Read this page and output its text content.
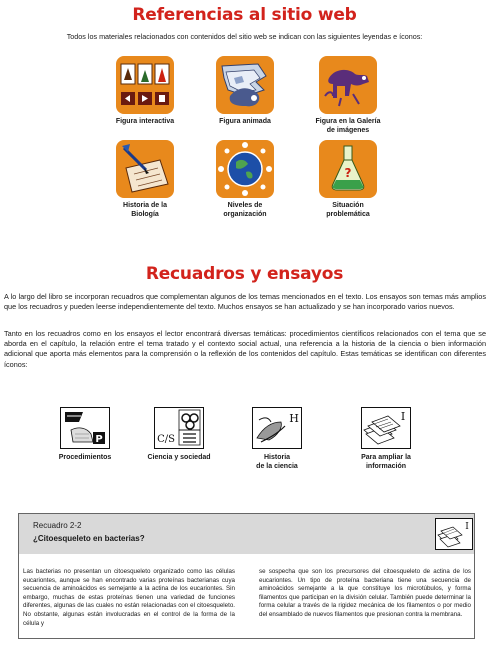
Referencias al sitio web
Todos los materiales relacionados con contenidos del sitio web se indican con las siguientes leyendas e íconos:
Figura interactiva	Figura animada	Figura en la Galería
de imágenes
Historia de la
Biología
Niveles de
organización
?
Situación
problemática
Recuadros y ensayos
A lo largo del libro se incorporan recuadros que complementan algunos de los temas mencionados en el texto. Los ensayos son temas más amplios que los recuadros y pueden leerse independientemente del texto. Muchos ensayos se han actualizado y se han incorporado varios nuevos.
Tanto en los recuadros como en los ensayos el lector encontrará diversas temáticas: procedimientos científicos relacionados con el tema que se aborda en el capítulo, la relación entre el tema tratado y el contexto social actual, una referencia a la historia de la ciencia o bien información adicional que aporta más elementos para la comprensión o la reflexión de los contenidos del capítulo. Estas temáticas se identifican con diferentes íconos:
P
Procedimientos

C/S
Ciencia y sociedad

H
Historia
de la ciencia
I
Para ampliar la
información
Recuadro 2-2
¿Citoesqueleto en bacterias?
I
Las bacterias no presentan un citoesqueleto organizado como las células eucariontes, aunque se han encontrado varias proteínas bacterianas cuya secuencia de aminoácidos es semejante a la actina de los eucariontes. Sin embargo, muchas de estas proteínas tienen una variedad de funciones diferentes, algunas de las cuales no están relacionadas con el citoesqueleto. No obstante, algunas están involucradas en el control de la forma de la célula y
se sospecha que son los precursores del citoesqueleto de actina de los eucariontes. Un tipo de proteína bacteriana tiene una secuencia de aminoácidos semejante a la que constituye los microtúbulos, y forma filamentos que participan en la división celular. También puede determinar la forma celular a través de la rigidez mecánica de los filamentos o por medio del ensamblado de nuevos filamentos que presionan contra la membrana.
